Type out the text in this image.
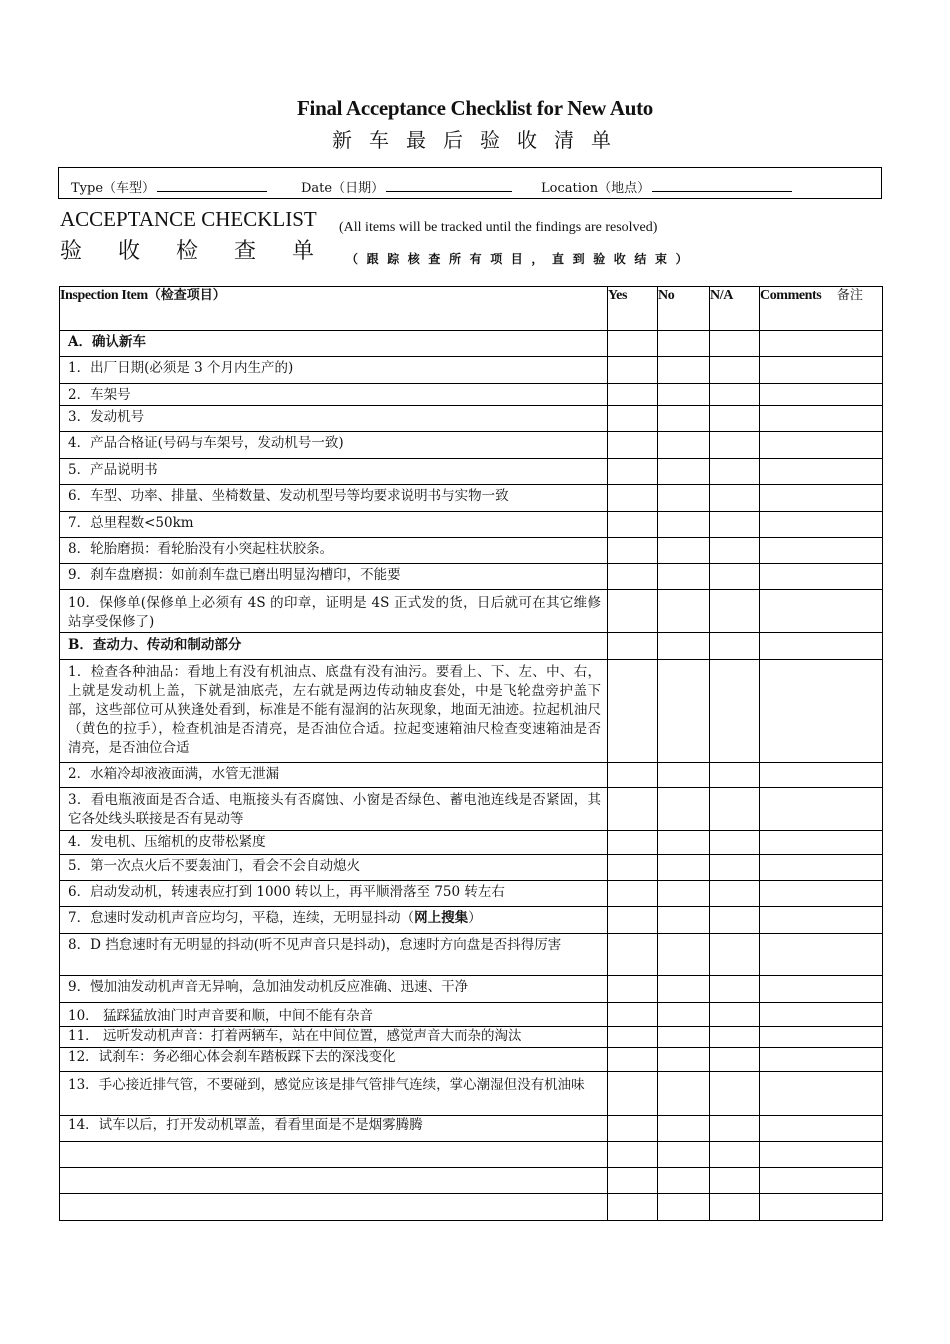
Final Acceptance Checklist for New Auto
新车最后验收清单
Type（车型）	Date（日期）	Location（地点）
ACCEPTANCE CHECKLIST (All items will be tracked until the findings are resolved)
验收检查单
（跟踪核查所有项目，直到验收结束）
Inspection Item（检查项目）	Yes	No	N/A	Comments 备注

A．确认新车				

1．出厂日期(必须是 3 个月内生产的)				

2．车架号				

3．发动机号				

4．产品合格证(号码与车架号，发动机号一致)				

5．产品说明书				

6．车型、功率、排量、坐椅数量、发动机型号等均要求说明书与实物一致				

7．总里程数<50km				

8．轮胎磨损：看轮胎没有小突起柱状胶条。				

9．刹车盘磨损：如前刹车盘已磨出明显沟槽印，不能要				

10．保修单(保修单上必须有 4S 的印章，证明是 4S 正式发的货，日后就可在其它维修站享受保修了)				

B．查动力、传动和制动部分				

1．检查各种油品：看地上有没有机油点、底盘有没有油污。要看上、下、左、中、右，上就是发动机上盖，下就是油底壳，左右就是两边传动轴皮套处，中是飞轮盘旁护盖下部，这些部位可从狭逢处看到，标准是不能有湿润的沾灰现象，地面无油迹。拉起机油尺（黄色的拉手），检查机油是否清亮，是否油位合适。拉起变速箱油尺检查变速箱油是否清亮，是否油位合适				

2．水箱冷却液液面满，水管无泄漏				

3．看电瓶液面是否合适、电瓶接头有否腐蚀、小窗是否绿色、蓄电池连线是否紧固，其它各处线头联接是否有晃动等				

4．发电机、压缩机的皮带松紧度				

5．第一次点火后不要轰油门，看会不会自动熄火				

6．启动发动机，转速表应打到 1000 转以上，再平顺滑落至 750 转左右				

7．怠速时发动机声音应均匀，平稳，连续，无明显抖动（网上搜集）				

8．D 挡怠速时有无明显的抖动(听不见声音只是抖动)，怠速时方向盘是否抖得厉害				

9．慢加油发动机声音无异响，急加油发动机反应准确、迅速、干净				

10． 猛踩猛放油门时声音要和顺，中间不能有杂音				

11． 远听发动机声音：打着两辆车，站在中间位置，感觉声音大而杂的淘汰				

12．试刹车：务必细心体会刹车踏板踩下去的深浅变化				

13．手心接近排气管，不要碰到，感觉应该是排气管排气连续，掌心潮湿但没有机油味				

14．试车以后，打开发动机罩盖，看看里面是不是烟雾腾腾				
